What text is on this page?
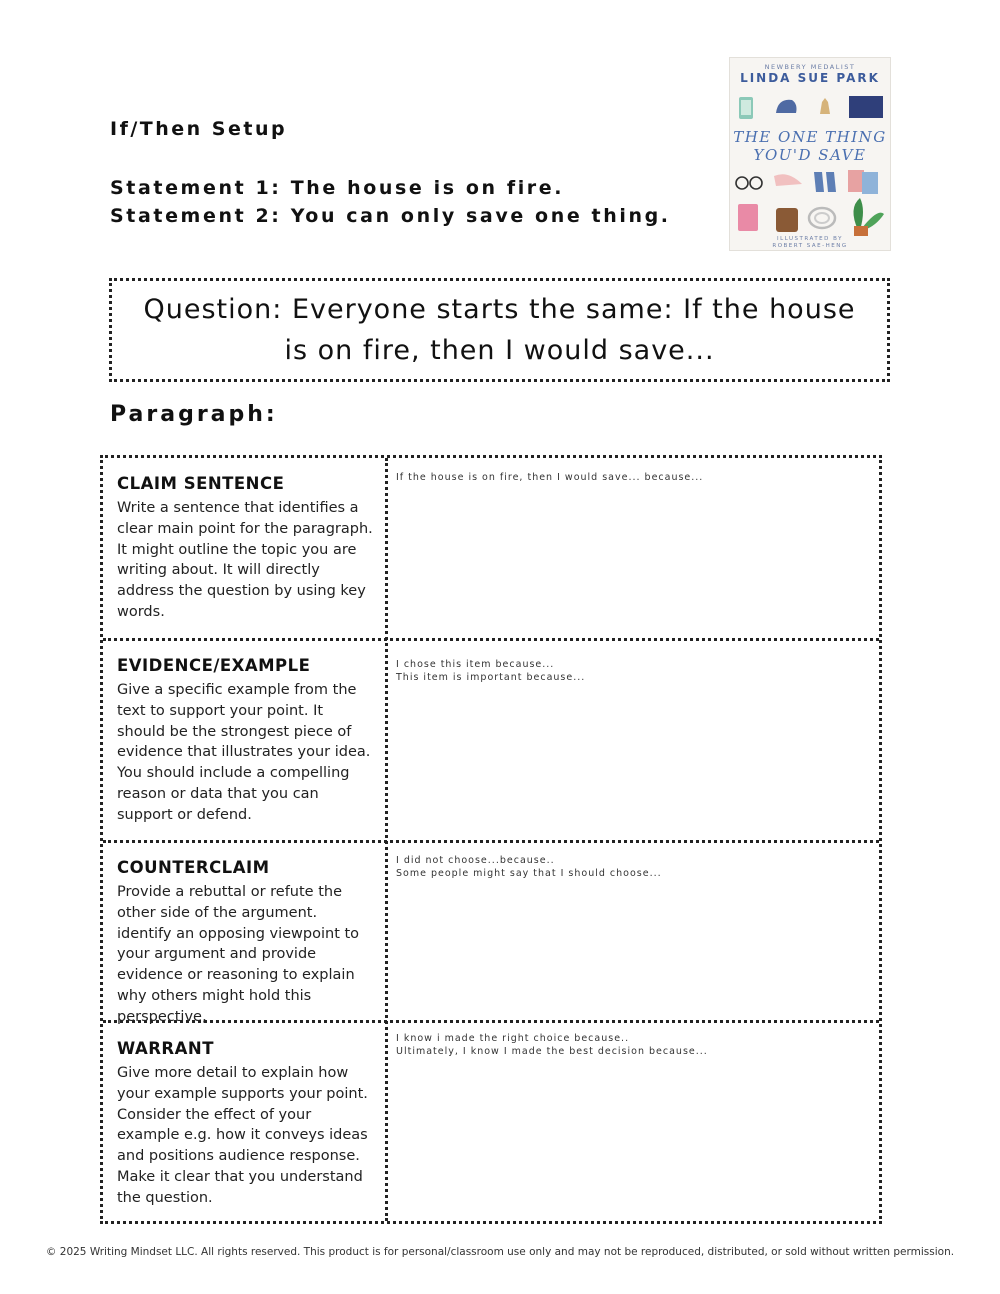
If/Then Setup
Statement 1: The house is on fire.
Statement 2: You can only save one thing.
NEWBERY MEDALIST
LINDA SUE PARK
THE ONE THING
YOU'D SAVE
ILLUSTRATED BY
ROBERT SAE-HENG
Question: Everyone starts the same: If the house is on fire, then I would save...
Paragraph:
CLAIM SENTENCE
Write a sentence that identifies a clear main point for the paragraph. It might outline the topic you are writing about. It will directly address the question by using key words.
If the house is on fire, then I would save... because...
EVIDENCE/EXAMPLE
Give a specific example from the text to support your point. It should be the strongest piece of evidence that illustrates your idea. You should include a compelling reason or data that you can support or defend.
I chose this item because...
This item is important because...
COUNTERCLAIM
Provide a rebuttal or refute the other side of the argument. identify an opposing viewpoint to your argument and provide evidence or reasoning to explain why others might hold this perspective,
I did not choose...because..
Some people might say that I should choose...
WARRANT
Give more detail to explain how your example supports your point. Consider the effect of your example e.g. how it conveys ideas and positions audience response. Make it clear that you understand the question.
I know i made the right choice because..
Ultimately, I know I made the best decision because...
© 2025 Writing Mindset LLC. All rights reserved. This product is for personal/classroom use only and may not be reproduced, distributed, or sold without written permission.
